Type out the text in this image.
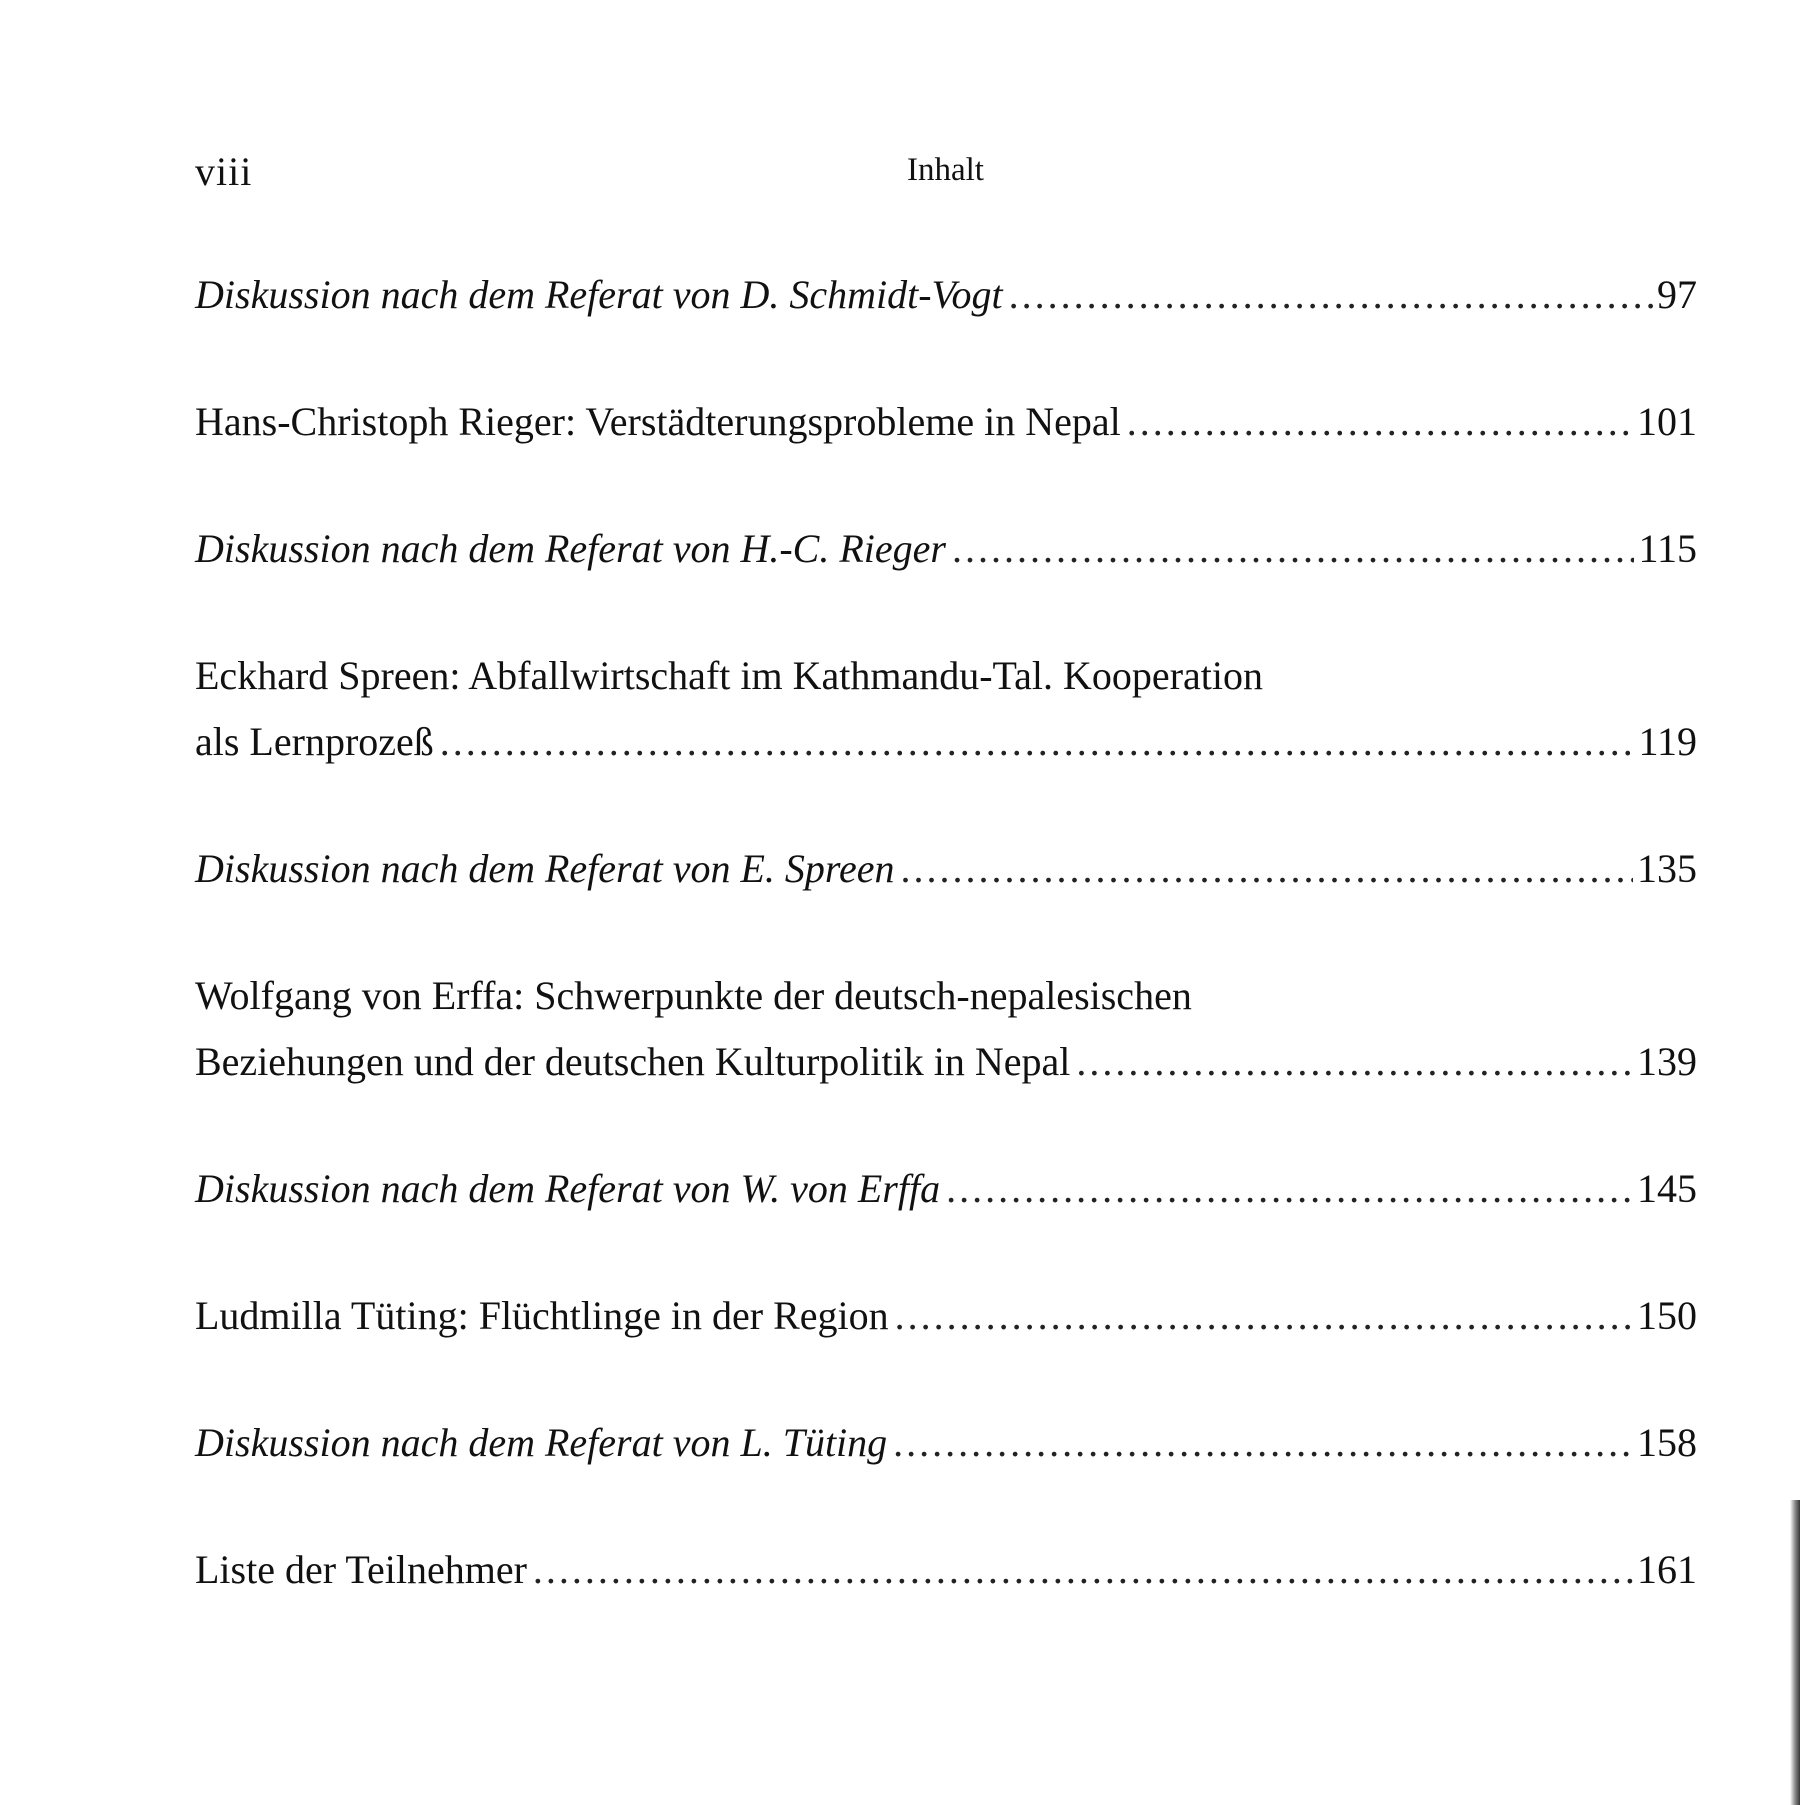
viii	Inhalt
Diskussion nach dem Referat von D. Schmidt-Vogt .....	97
Hans-Christoph Rieger: Verstädterungsprobleme in Nepal .....	101
Diskussion nach dem Referat von H.-C. Rieger .....	115
Eckhard Spreen: Abfallwirtschaft im Kathmandu-Tal. Kooperation
als Lernprozeß .....	119
Diskussion nach dem Referat von E. Spreen .....	135
Wolfgang von Erffa: Schwerpunkte der deutsch-nepalesischen
Beziehungen und der deutschen Kulturpolitik in Nepal .....	139
Diskussion nach dem Referat von W. von Erffa .....	145
Ludmilla Tüting: Flüchtlinge in der Region .....	150
Diskussion nach dem Referat von L. Tüting .....	158
Liste der Teilnehmer .....	161
